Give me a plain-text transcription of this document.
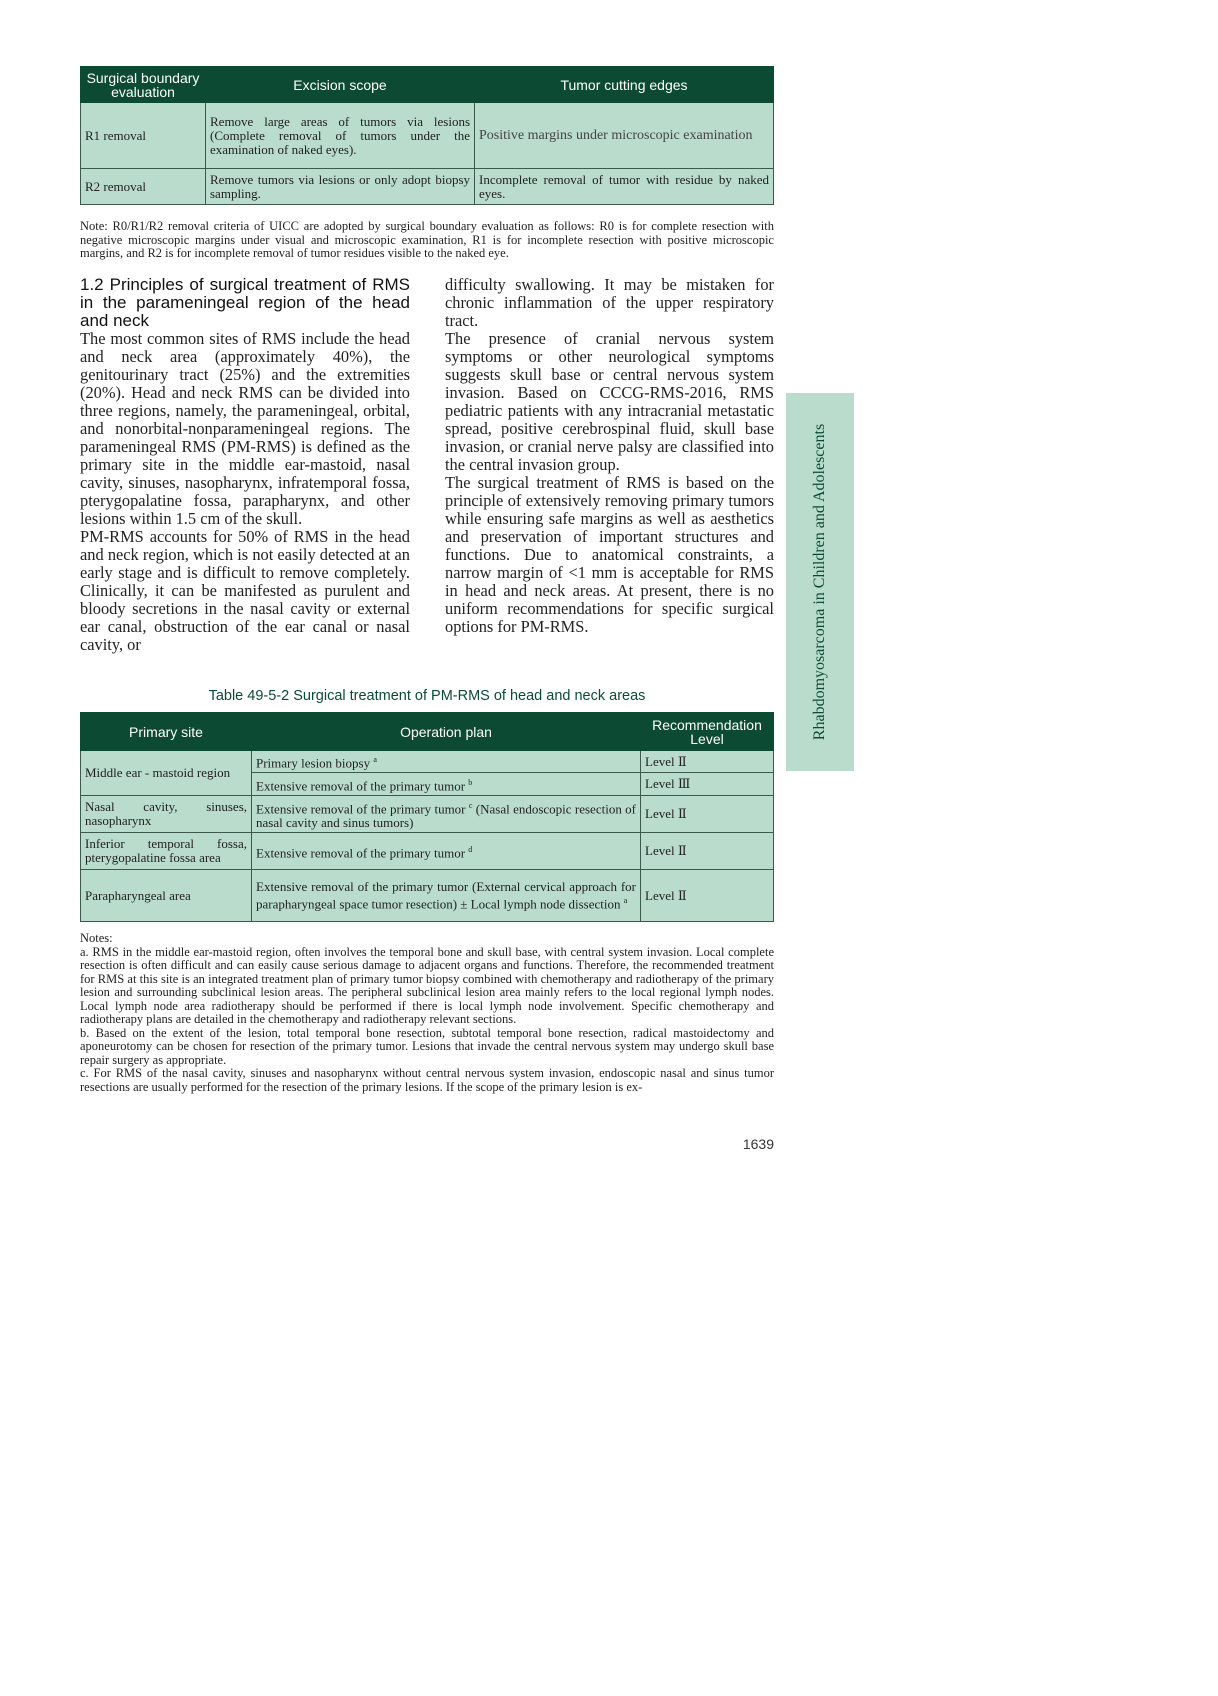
Surgical boundary evaluation	Excision scope	Tumor cutting edges
R1 removal	Remove large areas of tumors via lesions (Complete removal of tumors under the examination of naked eyes).	Positive margins under microscopic examination
R2 removal	Remove tumors via lesions or only adopt biopsy sampling.	Incomplete removal of tumor with residue by naked eyes.
Note: R0/R1/R2 removal criteria of UICC are adopted by surgical boundary evaluation as follows: R0 is for complete resection with negative microscopic margins under visual and microscopic examination, R1 is for incomplete resection with positive microscopic margins, and R2 is for incomplete removal of tumor residues visible to the naked eye.
1.2 Principles of surgical treatment of RMS in the parameningeal region of the head and neck

The most common sites of RMS include the head and neck area (approximately 40%), the genitourinary tract (25%) and the extremities (20%). Head and neck RMS can be divided into three regions, namely, the parameningeal, orbital, and nonorbital-nonparameningeal regions. The parameningeal RMS (PM-RMS) is defined as the primary site in the middle ear-mastoid, nasal cavity, sinuses, nasopharynx, infratemporal fossa, pterygopalatine fossa, parapharynx, and other lesions within 1.5 cm of the skull.

PM-RMS accounts for 50% of RMS in the head and neck region, which is not easily detected at an early stage and is difficult to remove completely. Clinically, it can be manifested as purulent and bloody secretions in the nasal cavity or external ear canal, obstruction of the ear canal or nasal cavity, or

difficulty swallowing. It may be mistaken for chronic inflammation of the upper respiratory tract.

The presence of cranial nervous system symptoms or other neurological symptoms suggests skull base or central nervous system invasion. Based on CCCG-RMS-2016, RMS pediatric patients with any intracranial metastatic spread, positive cerebrospinal fluid, skull base invasion, or cranial nerve palsy are classified into the central invasion group.

The surgical treatment of RMS is based on the principle of extensively removing primary tumors while ensuring safe margins as well as aesthetics and preservation of important structures and functions. Due to anatomical constraints, a narrow margin of <1 mm is acceptable for RMS in head and neck areas. At present, there is no uniform recommendations for specific surgical options for PM-RMS.

Table 49-5-2 Surgical treatment of PM-RMS of head and neck areas
Primary site	Operation plan	Recommendation Level
Middle ear - mastoid region	Primary lesion biopsy $^a$	Level Ⅱ
	Extensive removal of the primary tumor $^b$	Level Ⅲ
Nasal cavity, sinuses, nasopharynx	Extensive removal of the primary tumor $^c$ (Nasal endoscopic resection of nasal cavity and sinus tumors)	Level Ⅱ
Inferior temporal fossa, pterygopalatine fossa area	Extensive removal of the primary tumor $^d$	Level Ⅱ
Parapharyngeal area	Extensive removal of the primary tumor (External cervical approach for parapharyngeal space tumor resection) ± Local lymph node dissection $^a$	Level Ⅱ
Notes:
a. RMS in the middle ear-mastoid region, often involves the temporal bone and skull base, with central system invasion. Local complete resection is often difficult and can easily cause serious damage to adjacent organs and functions. Therefore, the recommended treatment for RMS at this site is an integrated treatment plan of primary tumor biopsy combined with chemotherapy and radiotherapy of the primary lesion and surrounding subclinical lesion areas. The peripheral subclinical lesion area mainly refers to the local regional lymph nodes. Local lymph node area radiotherapy should be performed if there is local lymph node involvement. Specific chemotherapy and radiotherapy plans are detailed in the chemotherapy and radiotherapy relevant sections.
b. Based on the extent of the lesion, total temporal bone resection, subtotal temporal bone resection, radical mastoidectomy and aponeurotomy can be chosen for resection of the primary tumor. Lesions that invade the central nervous system may undergo skull base repair surgery as appropriate.
c. For RMS of the nasal cavity, sinuses and nasopharynx without central nervous system invasion, endoscopic nasal and sinus tumor resections are usually performed for the resection of the primary lesions. If the scope of the primary lesion is ex-
1639
Rhabdomyosarcoma in Children and Adolescents
